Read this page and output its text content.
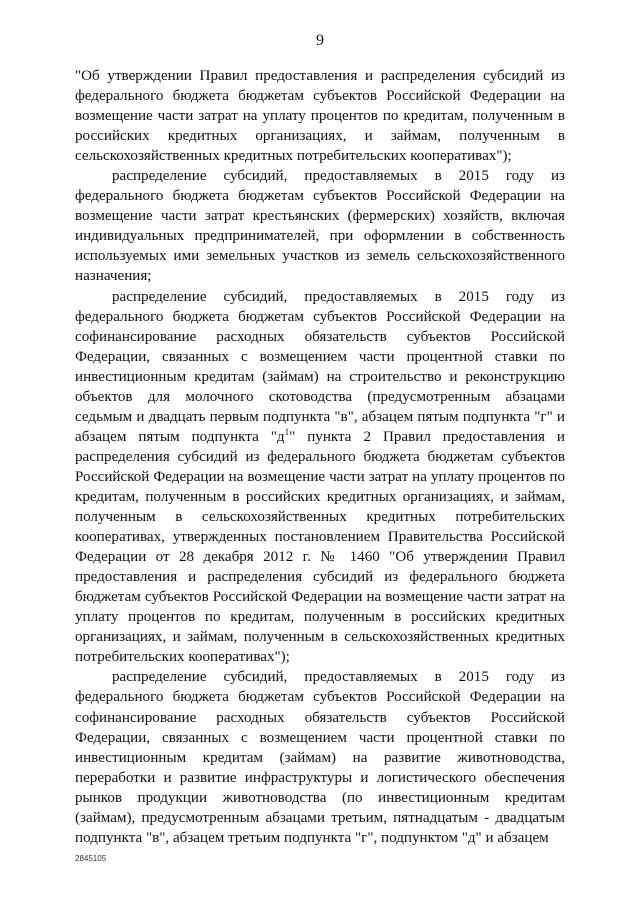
9

"Об утверждении Правил предоставления и распределения субсидий из федерального бюджета бюджетам субъектов Российской Федерации на возмещение части затрат на уплату процентов по кредитам, полученным в российских кредитных организациях, и займам, полученным в сельскохозяйственных кредитных потребительских кооперативах");

распределение субсидий, предоставляемых в 2015 году из федерального бюджета бюджетам субъектов Российской Федерации на возмещение части затрат крестьянских (фермерских) хозяйств, включая индивидуальных предпринимателей, при оформлении в собственность используемых ими земельных участков из земель сельскохозяйственного назначения;

распределение субсидий, предоставляемых в 2015 году из федерального бюджета бюджетам субъектов Российской Федерации на софинансирование расходных обязательств субъектов Российской Федерации, связанных с возмещением части процентной ставки по инвестиционным кредитам (займам) на строительство и реконструкцию объектов для молочного скотоводства (предусмотренным абзацами седьмым и двадцать первым подпункта "в", абзацем пятым подпункта "г" и абзацем пятым подпункта "$д^1$" пункта 2 Правил предоставления и распределения субсидий из федерального бюджета бюджетам субъектов Российской Федерации на возмещение части затрат на уплату процентов по кредитам, полученным в российских кредитных организациях, и займам, полученным в сельскохозяйственных кредитных потребительских кооперативах, утвержденных постановлением Правительства Российской Федерации от 28 декабря 2012 г. № 1460 "Об утверждении Правил предоставления и распределения субсидий из федерального бюджета бюджетам субъектов Российской Федерации на возмещение части затрат на уплату процентов по кредитам, полученным в российских кредитных организациях, и займам, полученным в сельскохозяйственных кредитных потребительских кооперативах");

распределение субсидий, предоставляемых в 2015 году из федерального бюджета бюджетам субъектов Российской Федерации на софинансирование расходных обязательств субъектов Российской Федерации, связанных с возмещением части процентной ставки по инвестиционным кредитам (займам) на развитие животноводства, переработки и развитие инфраструктуры и логистического обеспечения рынков продукции животноводства (по инвестиционным кредитам (займам), предусмотренным абзацами третьим, пятнадцатым - двадцатым подпункта "в", абзацем третьим подпункта "г", подпунктом "д" и абзацем

2845105
